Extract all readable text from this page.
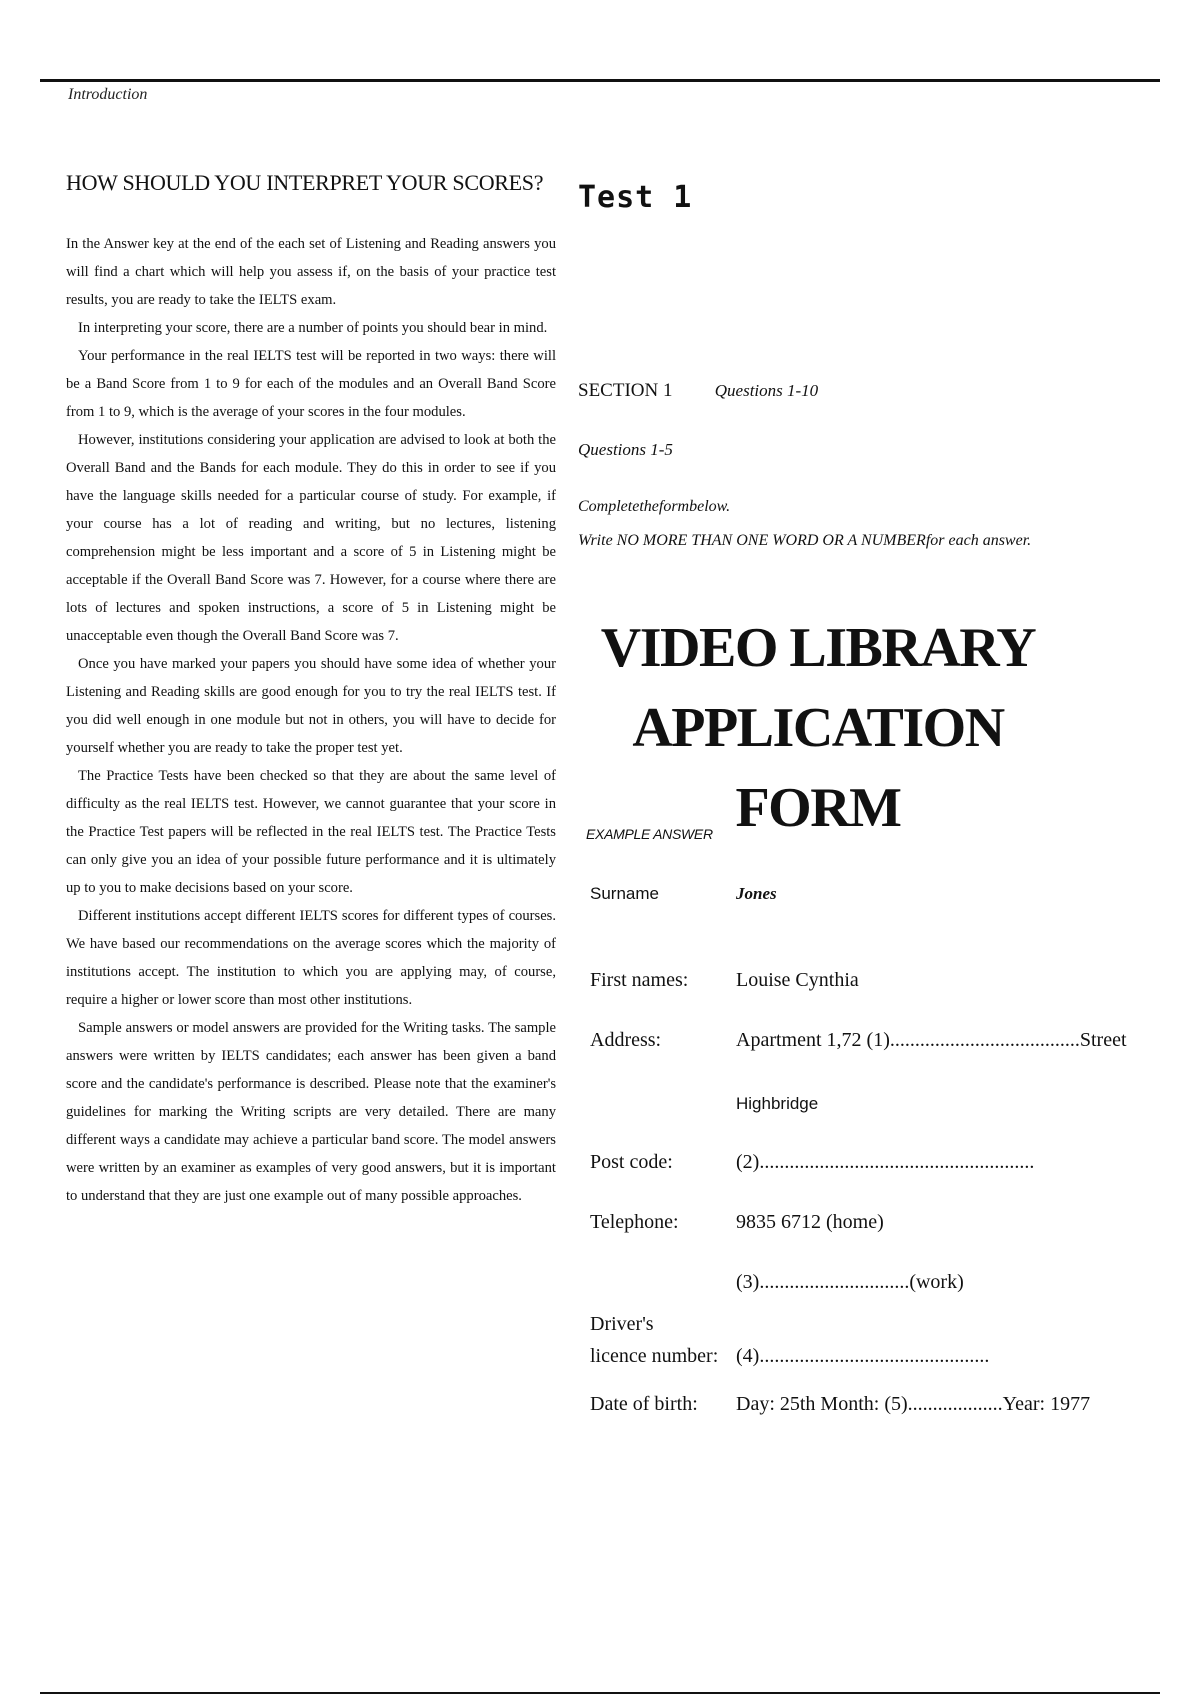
Introduction
HOW SHOULD YOU INTERPRET YOUR SCORES?

In the Answer key at the end of the each set of Listening and Reading answers you will find a chart which will help you assess if, on the basis of your practice test results, you are ready to take the IELTS exam.

In interpreting your score, there are a number of points you should bear in mind.

Your performance in the real IELTS test will be reported in two ways: there will be a Band Score from 1 to 9 for each of the modules and an Overall Band Score from 1 to 9, which is the average of your scores in the four modules.

However, institutions considering your application are advised to look at both the Overall Band and the Bands for each module. They do this in order to see if you have the language skills needed for a particular course of study. For example, if your course has a lot of reading and writing, but no lectures, listening comprehension might be less important and a score of 5 in Listening might be acceptable if the Overall Band Score was 7. However, for a course where there are lots of lectures and spoken instructions, a score of 5 in Listening might be unacceptable even though the Overall Band Score was 7.

Once you have marked your papers you should have some idea of whether your Listening and Reading skills are good enough for you to try the real IELTS test. If you did well enough in one module but not in others, you will have to decide for yourself whether you are ready to take the proper test yet.

The Practice Tests have been checked so that they are about the same level of difficulty as the real IELTS test. However, we cannot guarantee that your score in the Practice Test papers will be reflected in the real IELTS test. The Practice Tests can only give you an idea of your possible future performance and it is ultimately up to you to make decisions based on your score.

Different institutions accept different IELTS scores for different types of courses. We have based our recommendations on the average scores which the majority of institutions accept. The institution to which you are applying may, of course, require a higher or lower score than most other institutions.

Sample answers or model answers are provided for the Writing tasks. The sample answers were written by IELTS candidates; each answer has been given a band score and the candidate's performance is described. Please note that the examiner's guidelines for marking the Writing scripts are very detailed. There are many different ways a candidate may achieve a particular band score. The model answers were written by an examiner as examples of very good answers, but it is important to understand that they are just one example out of many possible approaches.

Test 1
SECTION 1 Questions 1-10
Questions 1-5
Completetheformbelow.
Write NO MORE THAN ONE WORD OR A NUMBERfor each answer.
VIDEO LIBRARY
APPLICATION FORM
EXAMPLE ANSWER
Surname	Jones
First names:	Louise Cynthia
Address:	Apartment 1,72 (1)......................................Street
Highbridge
Post code:	(2).......................................................
Telephone:	9835 6712 (home)
(3)..............................(work)
Driver's
licence number: (4)..............................................
Date of birth:	Day: 25th Month: (5)...................Year: 1977
